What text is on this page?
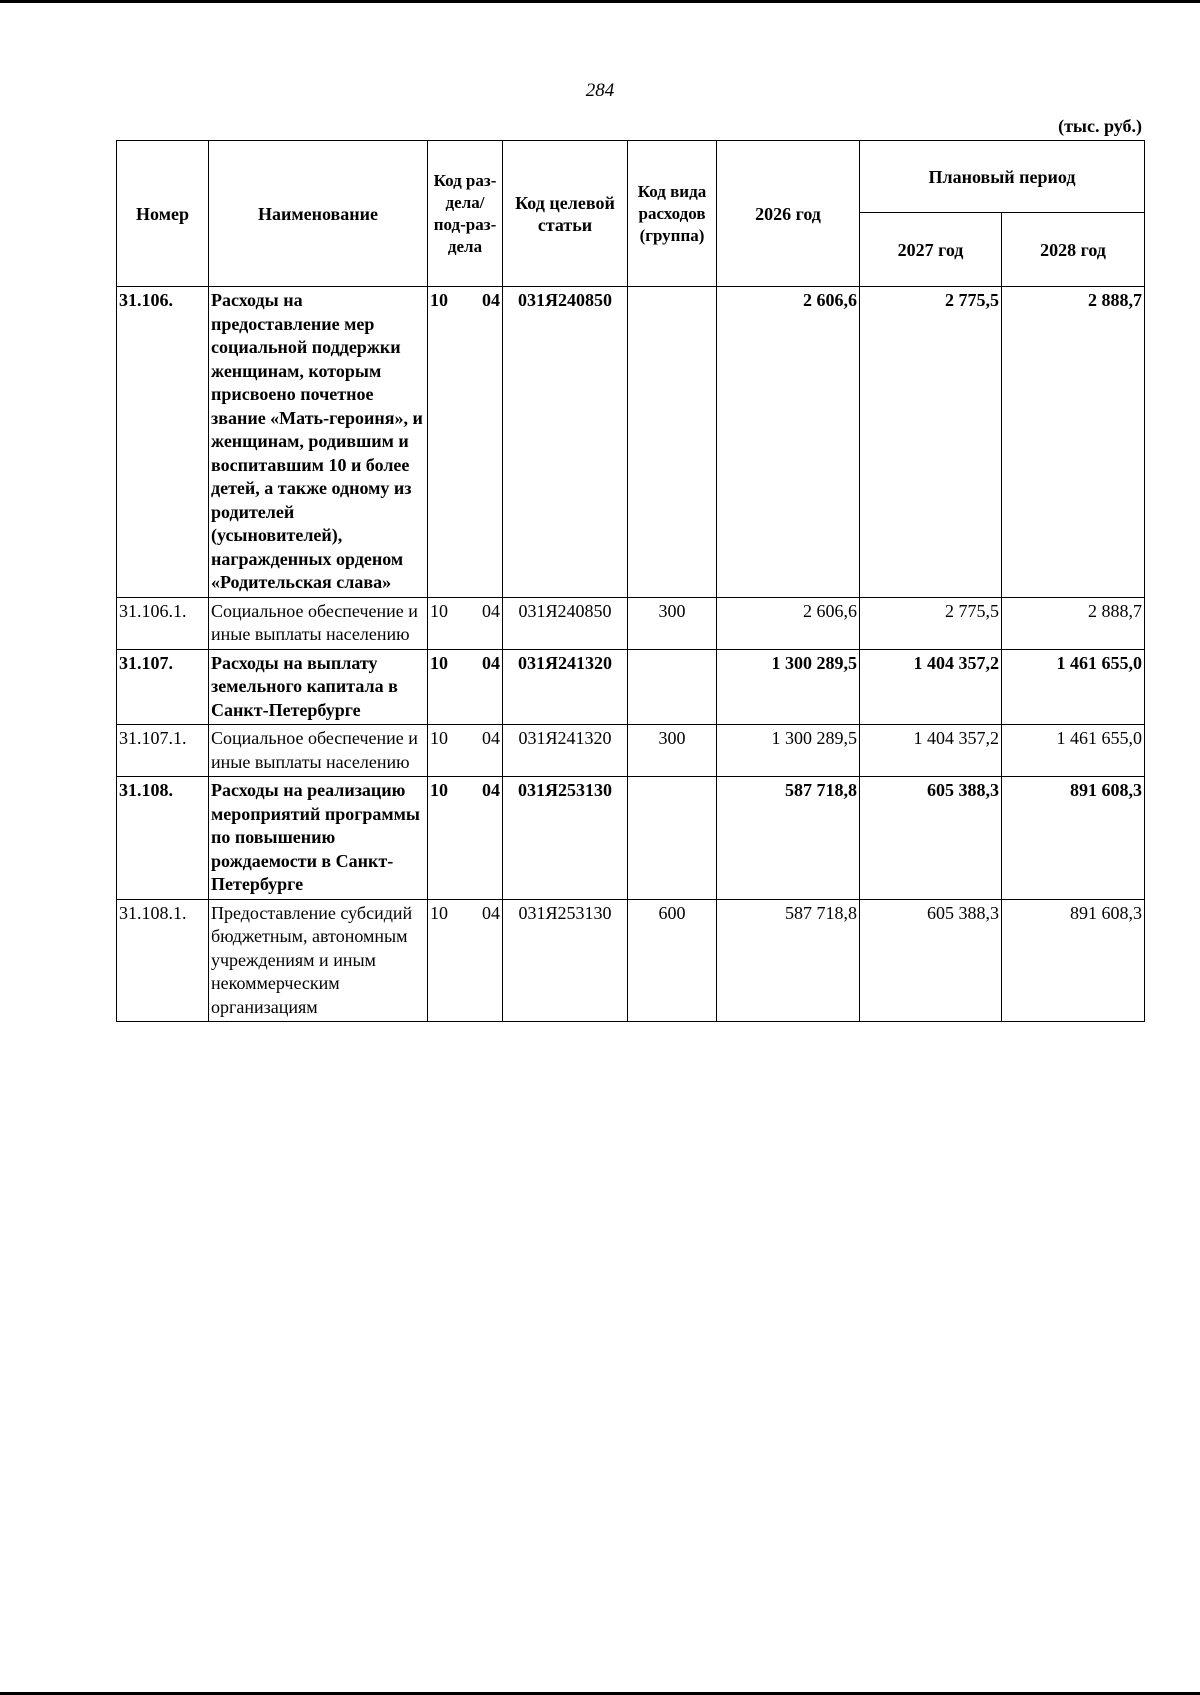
284
(тыс. руб.)
Номер	Наименование	Код раз-дела/ под-раз-дела	Код целевой статьи	Код вида расходов (группа)	2026 год	Плановый период	
						2027 год	2028 год
31.106.	Расходы на предоставление мер социальной поддержки женщинам, которым присвоено почетное звание «Мать-героиня», и женщинам, родившим и воспитавшим 10 и более детей, а также одному из родителей (усыновителей), награжденных орденом «Родительская слава»	10 04	031Я240850		2 606,6	2 775,5	2 888,7
31.106.1.	Социальное обеспечение и иные выплаты населению	10 04	031Я240850	300	2 606,6	2 775,5	2 888,7
31.107.	Расходы на выплату земельного капитала в Санкт-Петербурге	10 04	031Я241320		1 300 289,5	1 404 357,2	1 461 655,0
31.107.1.	Социальное обеспечение и иные выплаты населению	10 04	031Я241320	300	1 300 289,5	1 404 357,2	1 461 655,0
31.108.	Расходы на реализацию мероприятий программы по повышению рождаемости в Санкт-Петербурге	10 04	031Я253130		587 718,8	605 388,3	891 608,3
31.108.1.	Предоставление субсидий бюджетным, автономным учреждениям и иным некоммерческим организациям	10 04	031Я253130	600	587 718,8	605 388,3	891 608,3
